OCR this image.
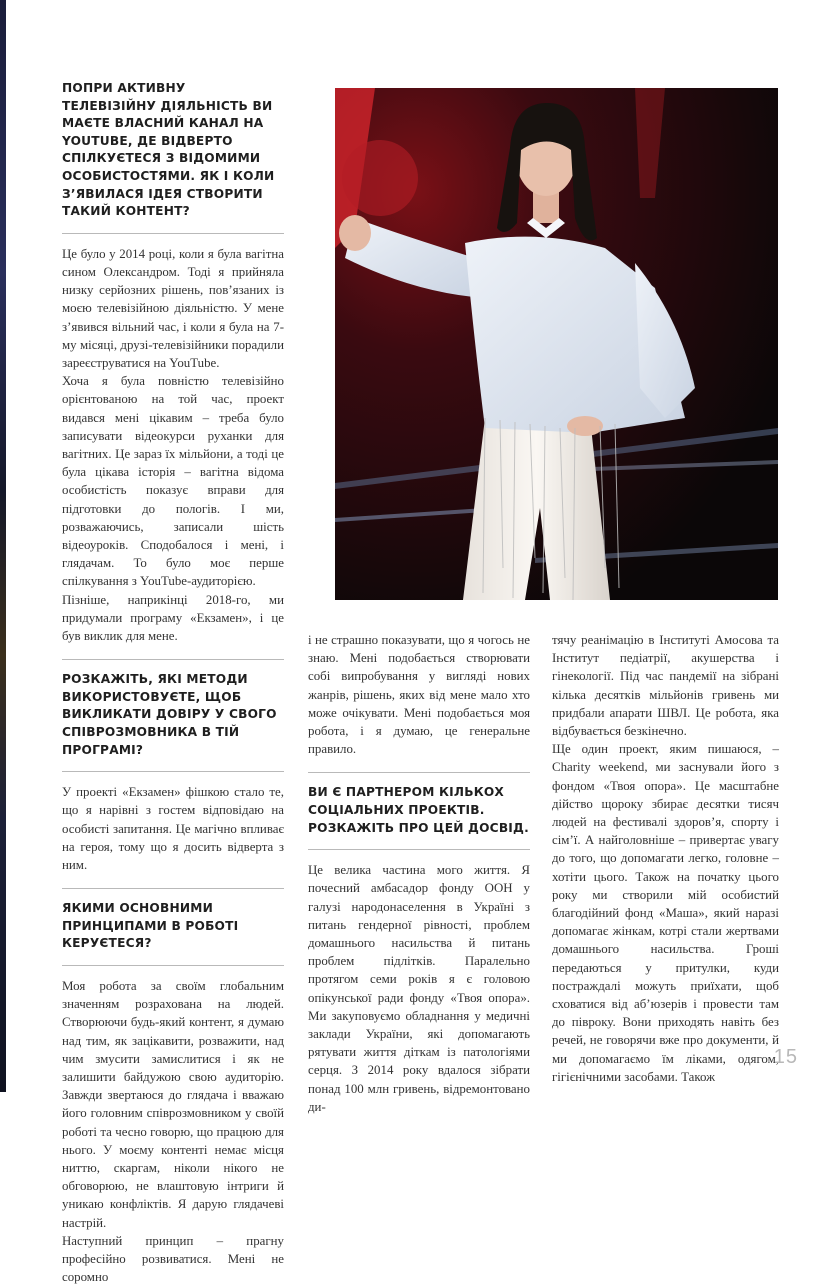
ПОПРИ АКТИВНУ ТЕЛЕВІЗІЙНУ ДІЯЛЬНІСТЬ ВИ МАЄТЕ ВЛАСНИЙ КАНАЛ НА YOUTUBE, ДЕ ВІДВЕРТО СПІЛКУЄТЕСЯ З ВІДОМИМИ ОСОБИСТОСТЯМИ. ЯК І КОЛИ З’ЯВИЛАСЯ ІДЕЯ СТВОРИТИ ТАКИЙ КОНТЕНТ?

Це було у 2014 році, коли я була вагітна сином Олександром. Тоді я прийняла низку серйозних рішень, пов’язаних із моєю телевізійною діяльністю. У мене з’явився вільний час, і коли я була на 7-му місяці, друзі-телевізійники порадили зареєструватися на YouTube.

Хоча я була повністю телевізійно орієнтованою на той час, проект видався мені цікавим – треба було записувати відеокурси руханки для вагітних. Це зараз їх мільйони, а тоді це була цікава історія – вагітна відома особистість показує вправи для підготовки до пологів. І ми, розважаючись, записали шість відеоуроків. Сподобалося і мені, і глядачам. То було моє перше спілкування з YouTube-аудиторією.

Пізніше, наприкінці 2018-го, ми придумали програму «Екзамен», і це був виклик для мене.

РОЗКАЖІТЬ, ЯКІ МЕТОДИ ВИКОРИСТОВУЄТЕ, ЩОБ ВИКЛИКАТИ ДОВІРУ У СВОГО СПІВРОЗМОВНИКА В ТІЙ ПРОГРАМІ?

У проекті «Екзамен» фішкою стало те, що я нарівні з гостем відповідаю на особисті запитання. Це магічно впливає на героя, тому що я досить відверта з ним.

ЯКИМИ ОСНОВНИМИ ПРИНЦИПАМИ В РОБОТІ КЕРУЄТЕСЯ?

Моя робота за своїм глобальним значенням розрахована на людей. Створюючи будь-який контент, я думаю над тим, як зацікавити, розважити, над чим змусити замислитися і як не залишити байдужою свою аудиторію. Завжди звертаюся до глядача і вважаю його головним співрозмовником у своїй роботі та чесно говорю, що працюю для нього. У моєму контенті немає місця ниттю, скаргам, ніколи нікого не обговорюю, не влаштовую інтриги й уникаю конфліктів. Я дарую глядачеві настрій.

Наступний принцип – прагну професійно розвиватися. Мені не соромно

і не страшно показувати, що я чогось не знаю. Мені подобається створювати собі випробування у вигляді нових жанрів, рішень, яких від мене мало хто може очікувати. Мені подобається моя робота, і я думаю, це генеральне правило.

ВИ Є ПАРТНЕРОМ КІЛЬКОХ СОЦІАЛЬНИХ ПРОЕКТІВ. РОЗКАЖІТЬ ПРО ЦЕЙ ДОСВІД.

Це велика частина мого життя. Я почесний амбасадор фонду ООН у галузі народонаселення в Україні з питань гендерної рівності, проблем домашнього насильства й питань проблем підлітків. Паралельно протягом семи років я є головою опікунської ради фонду «Твоя опора». Ми закуповуємо обладнання у медичні заклади України, які допомагають рятувати життя діткам із патологіями серця. З 2014 року вдалося зібрати понад 100 млн гривень, відремонтовано ди-

тячу реанімацію в Інституті Амосова та Інститут педіатрії, акушерства і гінекології. Під час пандемії на зібрані кілька десятків мільйонів гривень ми придбали апарати ШВЛ. Це робота, яка відбувається безкінечно.

Ще один проект, яким пишаюся, – Charity weekend, ми заснували його з фондом «Твоя опора». Це масштабне дійство щороку збирає десятки тисяч людей на фестивалі здоров’я, спорту і сім’ї. А найголовніше – привертає увагу до того, що допомагати легко, головне – хотіти цього. Також на початку цього року ми створили мій особистий благодійний фонд «Маша», який наразі допомагає жінкам, котрі стали жертвами домашнього насильства. Гроші передаються у притулки, куди постраждалі можуть приїхати, щоб сховатися від аб’юзерів і провести там до півроку. Вони приходять навіть без речей, не говорячи вже про документи, й ми допомагаємо їм ліками, одягом, гігієнічними засобами. Також

15
